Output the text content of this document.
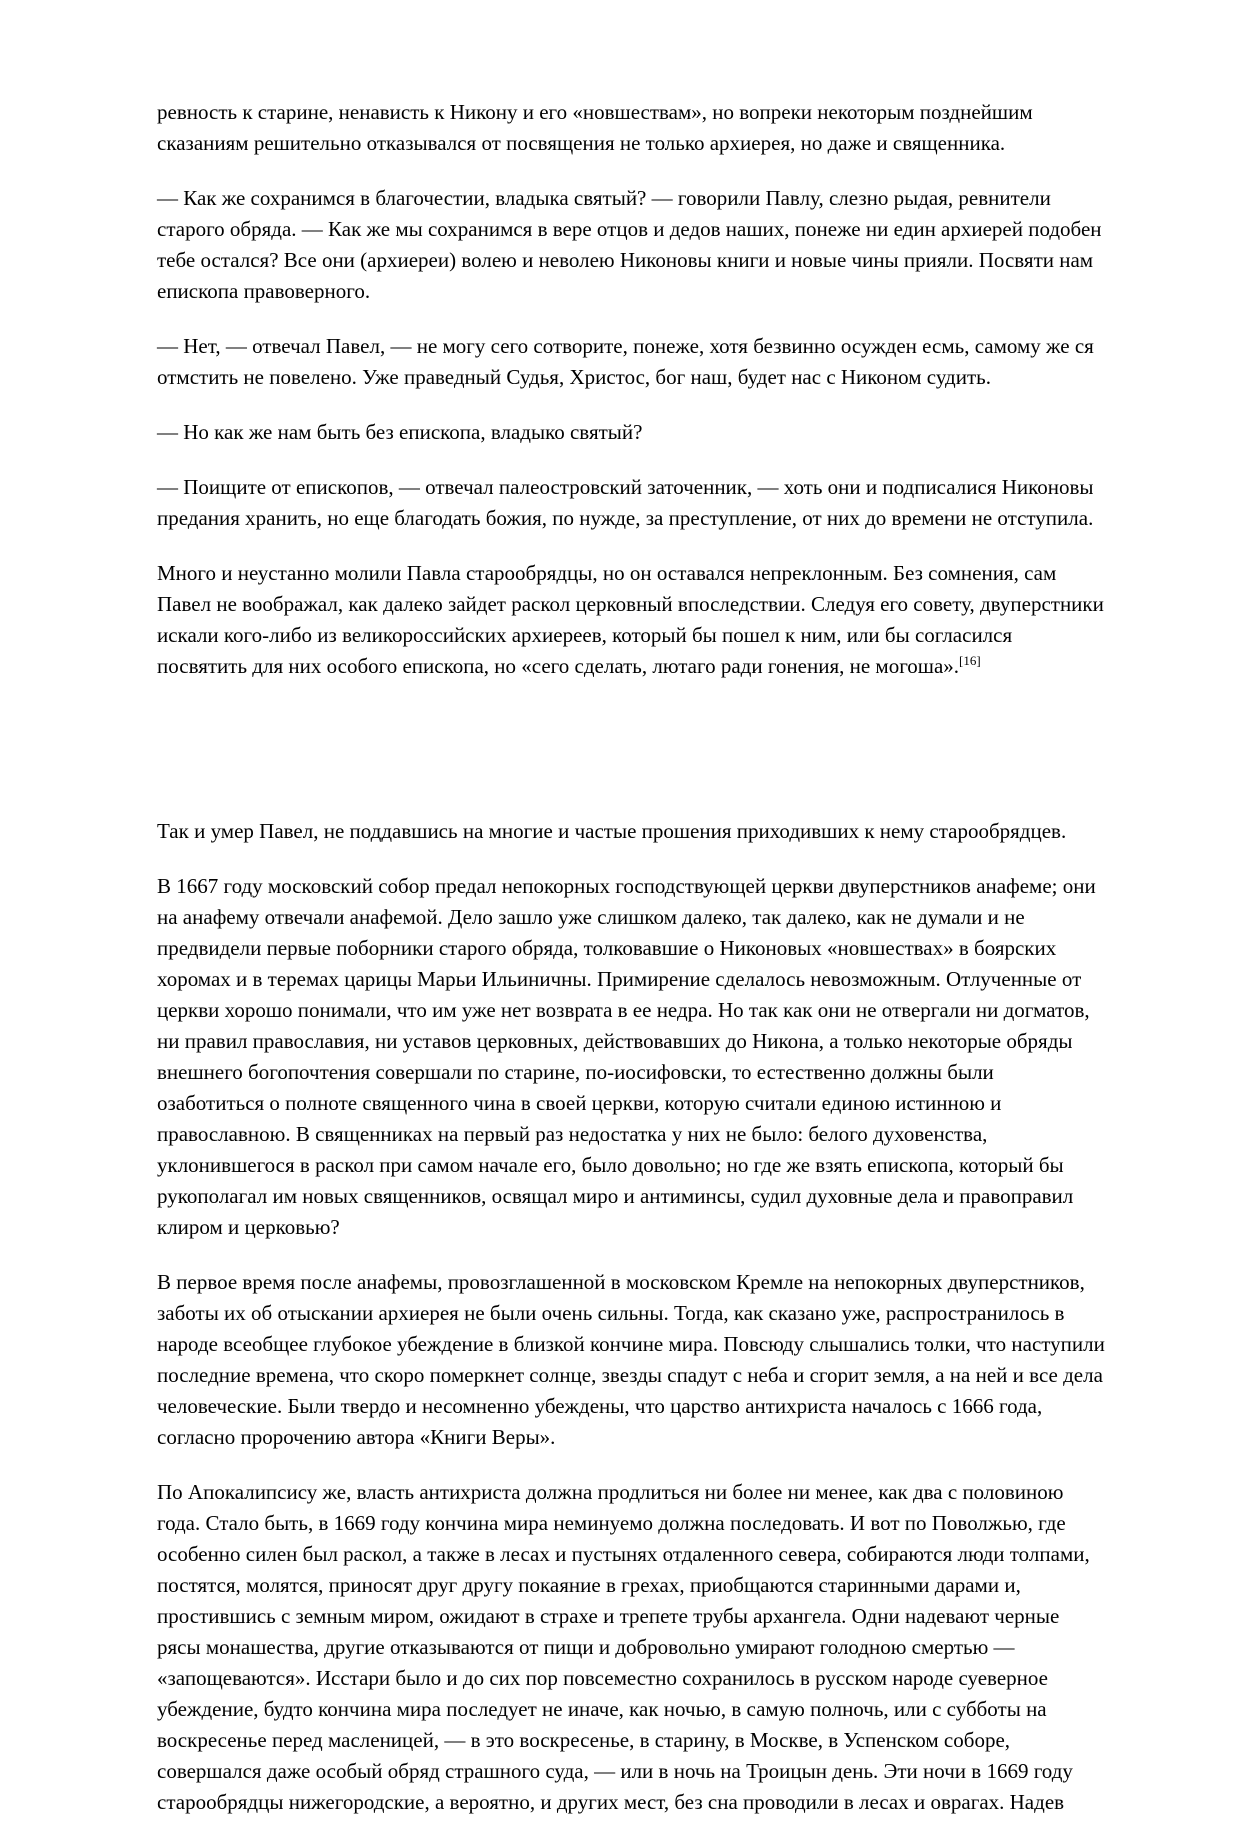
ревность к старине, ненависть к Никону и его «новшествам», но вопреки некоторым позднейшим сказаниям решительно отказывался от посвящения не только архиерея, но даже и священника.

— Как же сохранимся в благочестии, владыка святый? — говорили Павлу, слезно рыдая, ревнители старого обряда. — Как же мы сохранимся в вере отцов и дедов наших, понеже ни един архиерей подобен тебе остался? Все они (архиереи) волею и неволею Никоновы книги и новые чины прияли. Посвяти нам епископа правоверного.

— Нет, — отвечал Павел, — не могу сего сотворите, понеже, хотя безвинно осужден есмь, самому же ся отмстить не повелено. Уже праведный Судья, Христос, бог наш, будет нас с Никоном судить.

— Но как же нам быть без епископа, владыко святый?

— Поищите от епископов, — отвечал палеостровский заточенник, — хоть они и подписалися Никоновы предания хранить, но еще благодать божия, по нужде, за преступление, от них до времени не отступила.

Много и неустанно молили Павла старообрядцы, но он оставался непреклонным. Без сомнения, сам Павел не воображал, как далеко зайдет раскол церковный впоследствии. Следуя его совету, двуперстники искали кого-либо из великороссийских архиереев, который бы пошел к ним, или бы согласился посвятить для них особого епископа, но «сего сделать, лютаго ради гонения, не могоша».[16]

Так и умер Павел, не поддавшись на многие и частые прошения приходивших к нему старообрядцев.

В 1667 году московский собор предал непокорных господствующей церкви двуперстников анафеме; они на анафему отвечали анафемой. Дело зашло уже слишком далеко, так далеко, как не думали и не предвидели первые поборники старого обряда, толковавшие о Никоновых «новшествах» в боярских хоромах и в теремах царицы Марьи Ильиничны. Примирение сделалось невозможным. Отлученные от церкви хорошо понимали, что им уже нет возврата в ее недра. Но так как они не отвергали ни догматов, ни правил православия, ни уставов церковных, действовавших до Никона, а только некоторые обряды внешнего богопочтения совершали по старине, по-иосифовски, то естественно должны были озаботиться о полноте священного чина в своей церкви, которую считали единою истинною и православною. В священниках на первый раз недостатка у них не было: белого духовенства, уклонившегося в раскол при самом начале его, было довольно; но где же взять епископа, который бы рукополагал им новых священников, освящал миро и антиминсы, судил духовные дела и правоправил клиром и церковью?

В первое время после анафемы, провозглашенной в московском Кремле на непокорных двуперстников, заботы их об отыскании архиерея не были очень сильны. Тогда, как сказано уже, распространилось в народе всеобщее глубокое убеждение в близкой кончине мира. Повсюду слышались толки, что наступили последние времена, что скоро померкнет солнце, звезды спадут с неба и сгорит земля, а на ней и все дела человеческие. Были твердо и несомненно убеждены, что царство антихриста началось с 1666 года, согласно пророчению автора «Книги Веры».

По Апокалипсису же, власть антихриста должна продлиться ни более ни менее, как два с половиною года. Стало быть, в 1669 году кончина мира неминуемо должна последовать. И вот по Поволжью, где особенно силен был раскол, а также в лесах и пустынях отдаленного севера, собираются люди толпами, постятся, молятся, приносят друг другу покаяние в грехах, приобщаются старинными дарами и, простившись с земным миром, ожидают в страхе и трепете трубы архангела. Одни надевают черные рясы монашества, другие отказываются от пищи и добровольно умирают голодною смертью — «запощеваются». Исстари было и до сих пор повсеместно сохранилось в русском народе суеверное убеждение, будто кончина мира последует не иначе, как ночью, в самую полночь, или с субботы на воскресенье перед масленицей, — в это воскресенье, в старину, в Москве, в Успенском соборе, совершался даже особый обряд страшного суда, — или в ночь на Троицын день. Эти ночи в 1669 году старообрядцы нижегородские, а вероятно, и других мест, без сна проводили в лесах и оврагах. Надев
